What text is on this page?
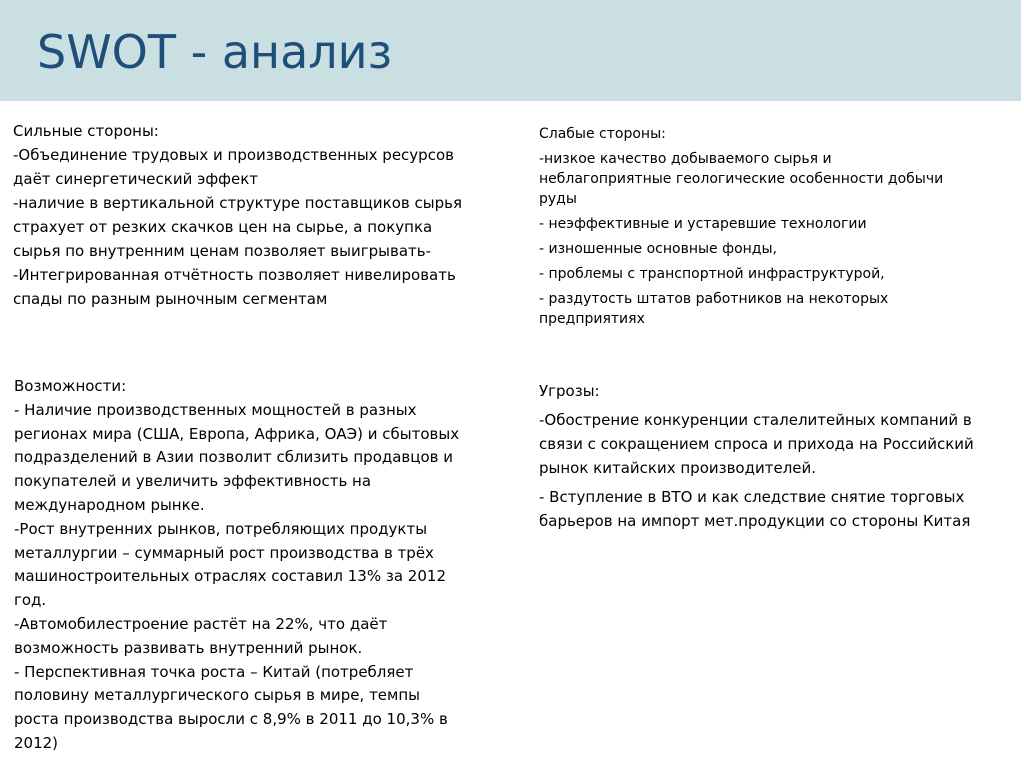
SWOT - анализ

Сильные стороны:

-Объединение трудовых и производственных ресурсов

даёт синергетический эффект

-наличие в вертикальной структуре поставщиков сырья

страхует от резких скачков цен на сырье, а покупка

сырья по внутренним ценам позволяет выигрывать-

-Интегрированная отчётность позволяет нивелировать

спады по разным рыночным сегментам

Слабые стороны:

-низкое качество добываемого сырья и

неблагоприятные геологические особенности добычи

руды

- неэффективные и устаревшие технологии

- изношенные основные фонды,

- проблемы с транспортной инфраструктурой,

- раздутость штатов работников на некоторых

предприятиях

Возможности:

- Наличие производственных мощностей в разных

регионах мира (США, Европа, Африка, ОАЭ) и сбытовых

подразделений в Азии позволит сблизить продавцов и

покупателей и увеличить эффективность на

международном рынке.

-Рост внутренних рынков, потребляющих продукты

металлургии – суммарный рост производства в трёх

машиностроительных отраслях составил 13% за 2012

год.

-Автомобилестроение растёт на 22%, что даёт

возможность развивать внутренний рынок.

- Перспективная точка роста – Китай (потребляет

половину металлургического сырья в мире, темпы

роста производства выросли с 8,9% в 2011 до 10,3% в

2012)

Угрозы:

-Обострение конкуренции сталелитейных компаний в

связи с сокращением спроса и прихода на Российский

рынок китайских производителей.

- Вступление в ВТО и как следствие снятие торговых

барьеров на импорт мет.продукции со стороны Китая
